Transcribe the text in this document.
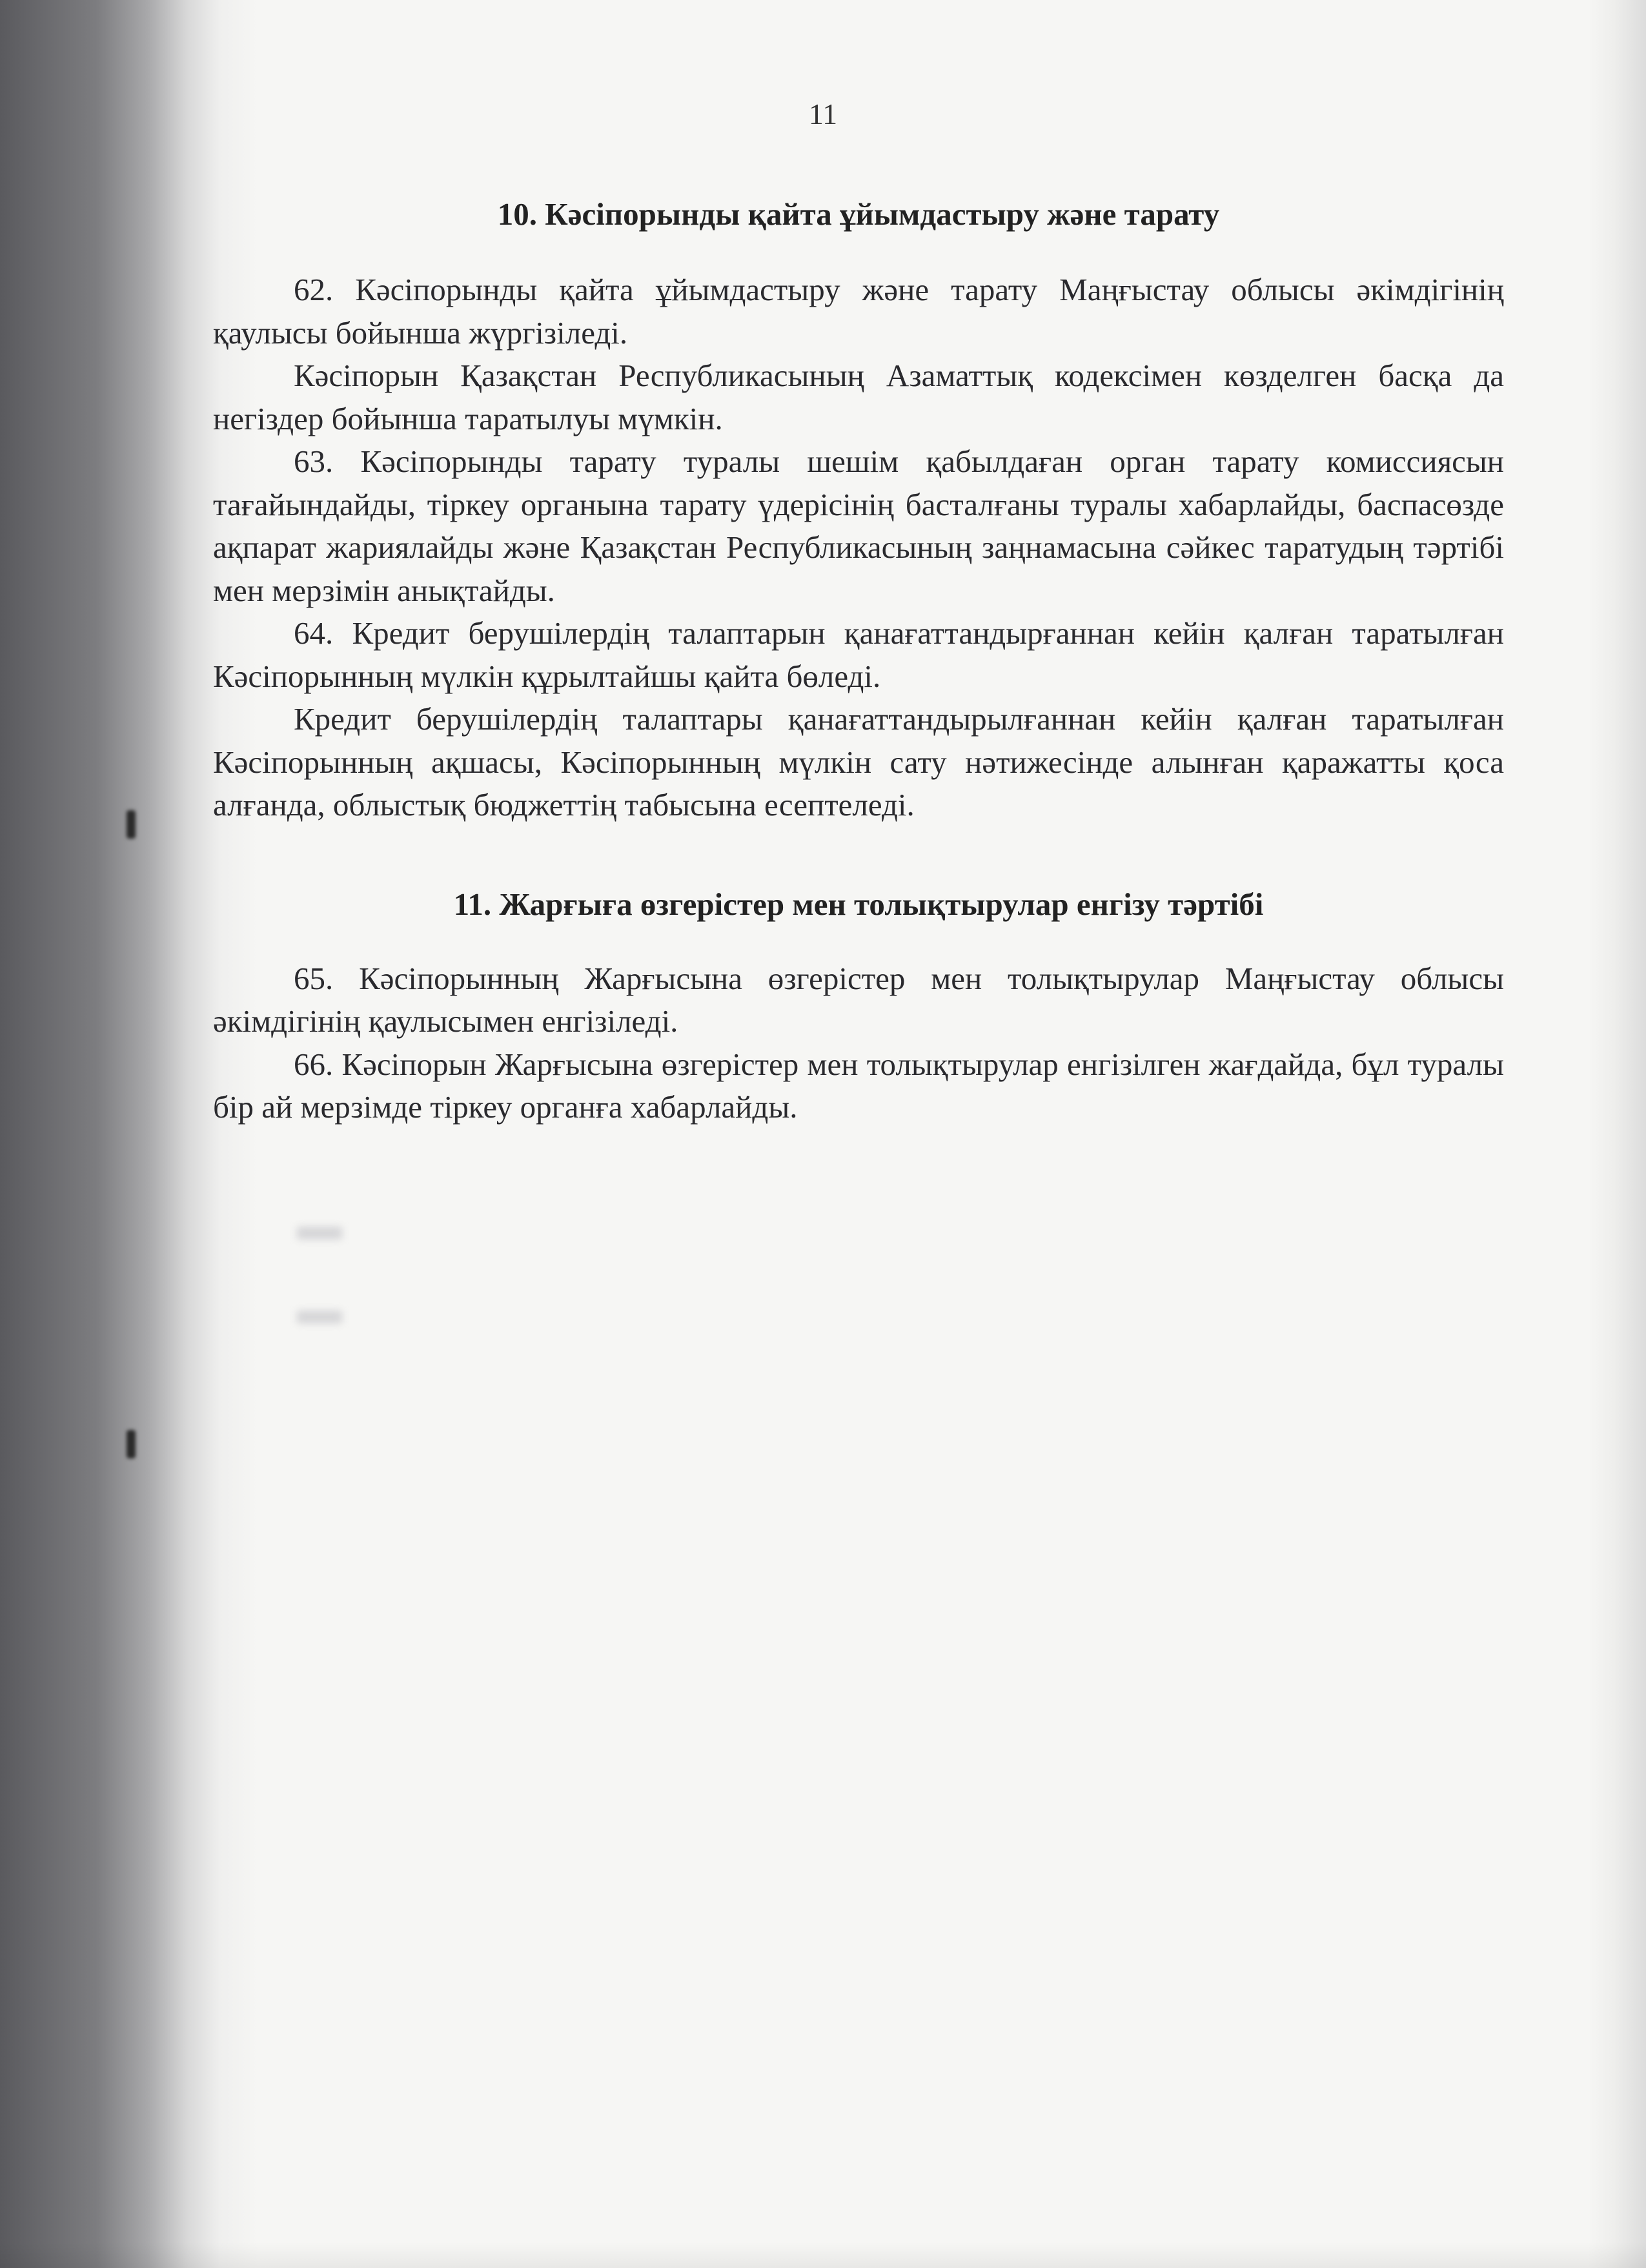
11
10. Кәсіпорынды қайта ұйымдастыру және тарату

62. Кәсіпорынды қайта ұйымдастыру және тарату Маңғыстау облысы әкімдігінің қаулысы бойынша жүргізіледі.

Кәсіпорын Қазақстан Республикасының Азаматтық кодексімен көзделген басқа да негіздер бойынша таратылуы мүмкін.

63. Кәсіпорынды тарату туралы шешім қабылдаған орган тарату комиссиясын тағайындайды, тіркеу органына тарату үдерісінің басталғаны туралы хабарлайды, баспасөзде ақпарат жариялайды және Қазақстан Республикасының заңнамасына сәйкес таратудың тәртібі мен мерзімін анықтайды.

64. Кредит берушілердің талаптарын қанағаттандырғаннан кейін қалған таратылған Кәсіпорынның мүлкін құрылтайшы қайта бөледі.

Кредит берушілердің талаптары қанағаттандырылғаннан кейін қалған таратылған Кәсіпорынның ақшасы, Кәсіпорынның мүлкін сату нәтижесінде алынған қаражатты қоса алғанда, облыстық бюджеттің табысына есептеледі.

11. Жарғыға өзгерістер мен толықтырулар енгізу тәртібі

65. Кәсіпорынның Жарғысына өзгерістер мен толықтырулар Маңғыстау облысы әкімдігінің қаулысымен енгізіледі.

66. Кәсіпорын Жарғысына өзгерістер мен толықтырулар енгізілген жағдайда, бұл туралы бір ай мерзімде тіркеу органға хабарлайды.
